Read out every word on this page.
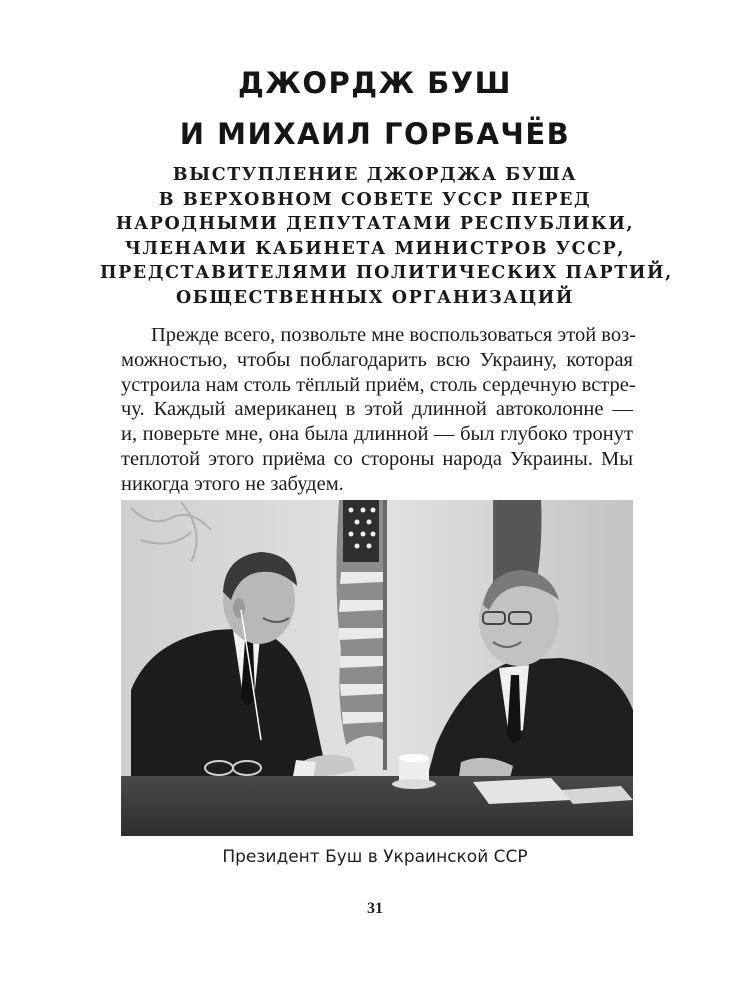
ДЖОРДЖ БУШ
И МИХАИЛ ГОРБАЧЁВ
ВЫСТУПЛЕНИЕ ДЖОРДЖА БУША
В ВЕРХОВНОМ СОВЕТЕ УССР ПЕРЕД
НАРОДНЫМИ ДЕПУТАТАМИ РЕСПУБЛИКИ,
ЧЛЕНАМИ КАБИНЕТА МИНИСТРОВ УССР,
ПРЕДСТАВИТЕЛЯМИ ПОЛИТИЧЕСКИХ ПАРТИЙ,
ОБЩЕСТВЕННЫХ ОРГАНИЗАЦИЙ

Прежде всего, позвольте мне воспользоваться этой воз-
можностью, чтобы поблагодарить всю Украину, которая
устроила нам столь тёплый приём, столь сердечную встре-
чу. Каждый американец в этой длинной автоколонне —
и, поверьте мне, она была длинной — был глубоко тронут
теплотой этого приёма со стороны народа Украины. Мы
никогда этого не забудем.

Президент Буш в Украинской ССР

31
